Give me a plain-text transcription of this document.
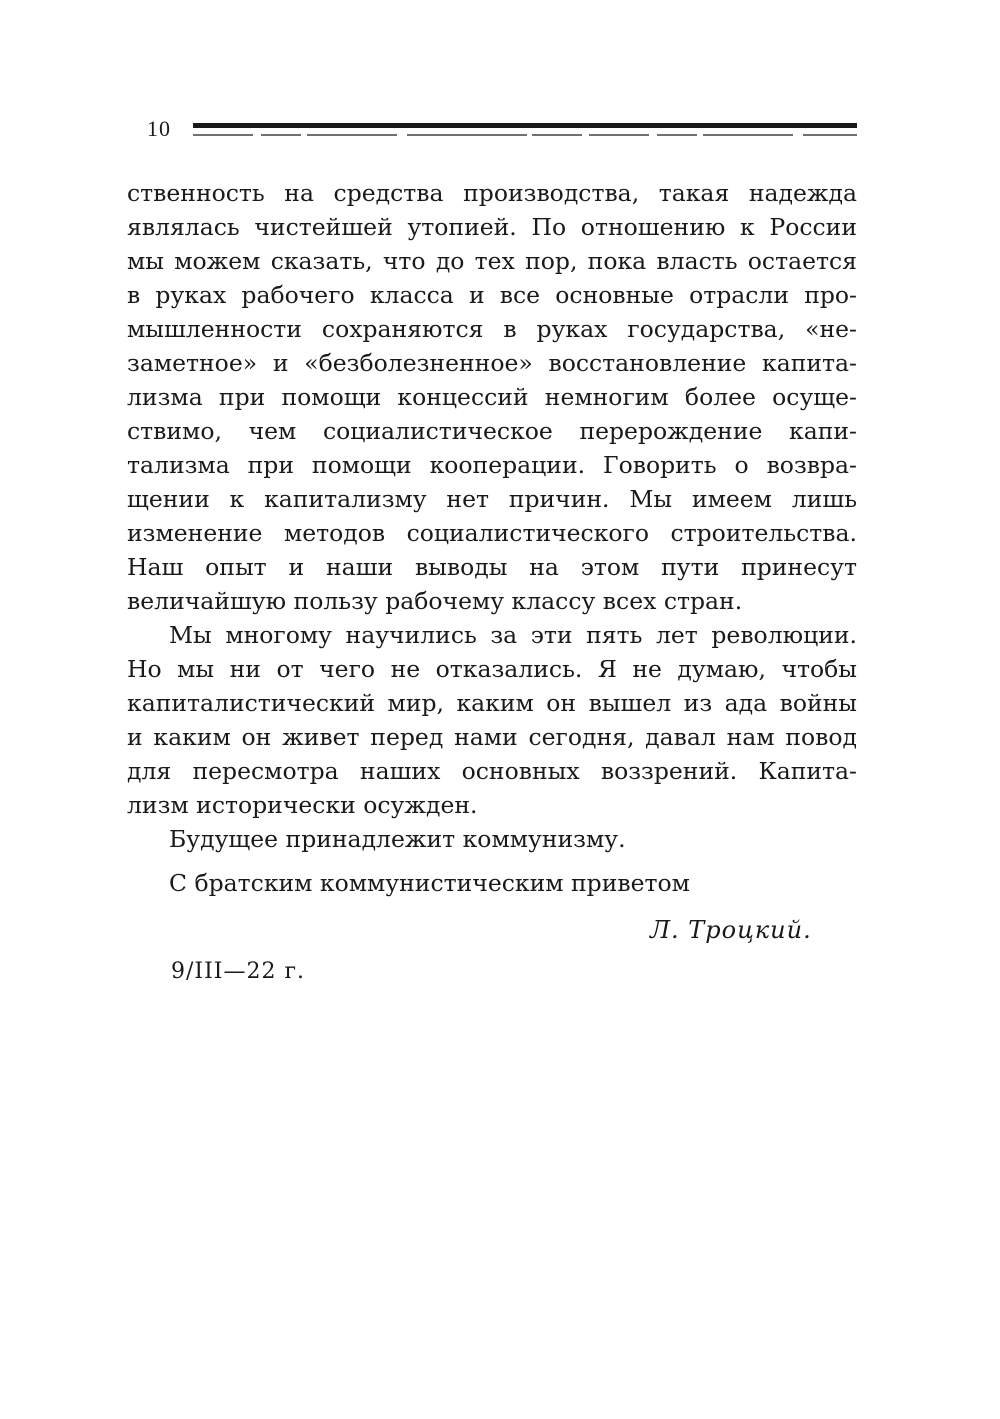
10
ственность на средства производства, такая надежда
являлась чистейшей утопией. По отношению к России
мы можем сказать, что до тех пор, пока власть остается
в руках рабочего класса и все основные отрасли про-
мышленности сохраняются в руках государства, «не-
заметное» и «безболезненное» восстановление капита-
лизма при помощи концессий немногим более осуще-
ствимо, чем социалистическое перерождение капи-
тализма при помощи кооперации. Говорить о возвра-
щении к капитализму нет причин. Мы имеем лишь
изменение методов социалистического строительства.
Наш опыт и наши выводы на этом пути принесут
величайшую пользу рабочему классу всех стран.
Мы многому научились за эти пять лет революции.
Но мы ни от чего не отказались. Я не думаю, чтобы
капиталистический мир, каким он вышел из ада войны
и каким он живет перед нами сегодня, давал нам повод
для пересмотра наших основных воззрений. Капита-
лизм исторически осужден.
Будущее принадлежит коммунизму.
С братским коммунистическим приветом
Л. Троцкий.
9/III—22 г.
